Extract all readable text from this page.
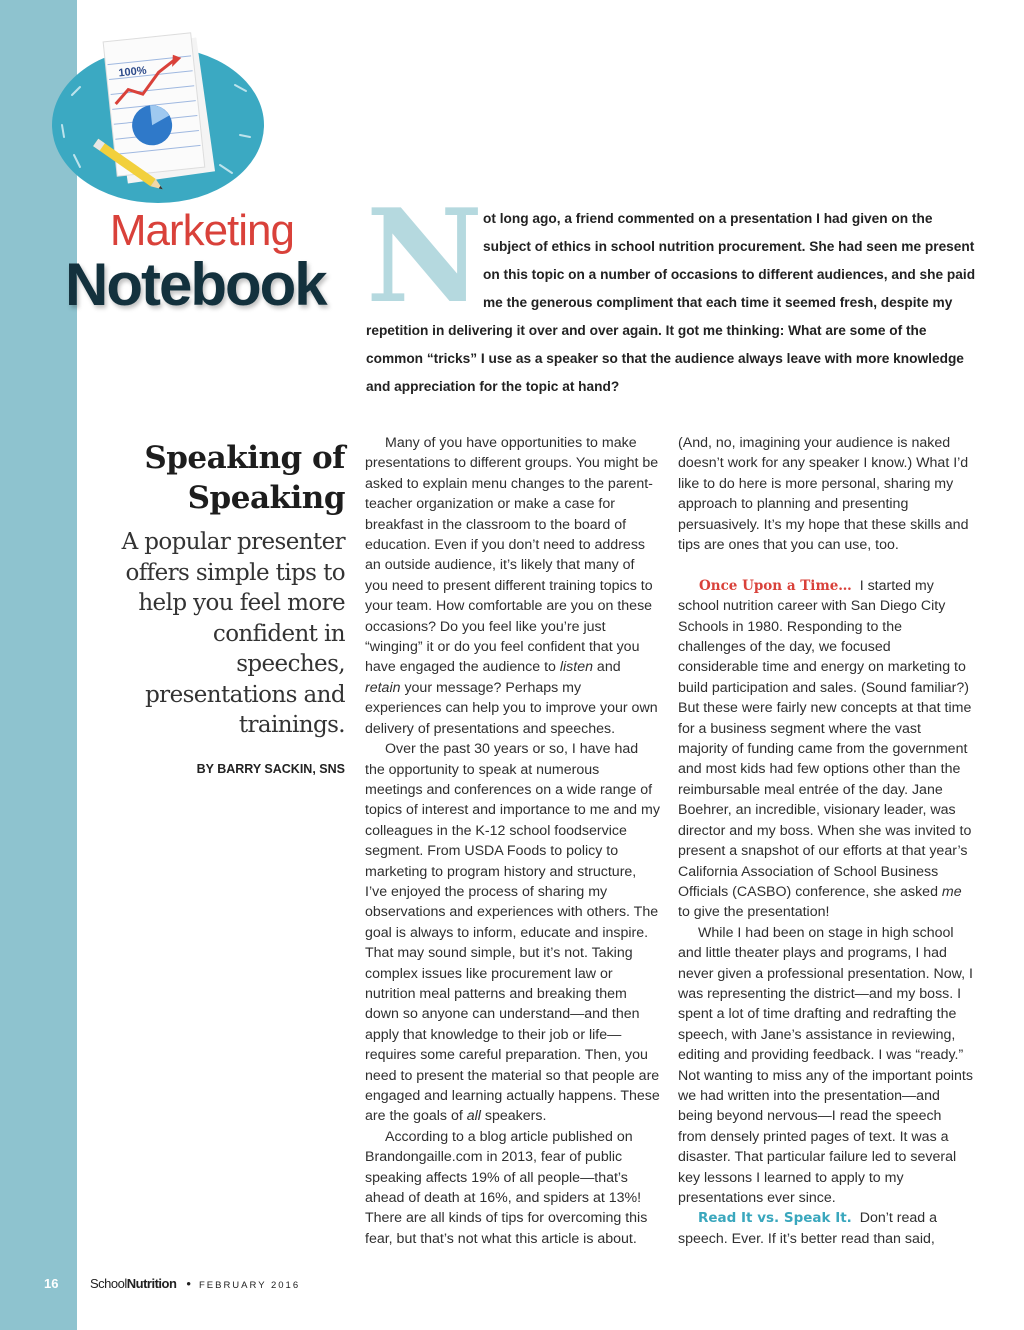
100%
Marketing
Notebook N ot long ago, a friend commented on a presentation I had given on the subject of ethics in school nutrition procurement. She had seen me present on this topic on a number of occasions to different audiences, and she paid me the generous compliment that each time it seemed fresh, despite my repetition in delivering it over and over again. It got me thinking: What are some of the common “tricks” I use as a speaker so that the audience always leave with more knowledge and appreciation for the topic at hand?
Speaking of
Speaking
A popular presenter offers simple tips to help you feel more confident in speeches, presentations and trainings.
BY BARRY SACKIN, SNS

Many of you have opportunities to make presentations to different groups. You might be asked to explain menu changes to the parent-teacher organization or make a case for breakfast in the classroom to the board of education. Even if you don’t need to address an outside audience, it’s likely that many of you need to present different training topics to your team. How comfortable are you on these occasions? Do you feel like you’re just “winging” it or do you feel confident that you have engaged the audience to listen and retain your message? Perhaps my experiences can help you to improve your own delivery of presentations and speeches.

Over the past 30 years or so, I have had the opportunity to speak at numerous meetings and conferences on a wide range of topics of interest and importance to me and my colleagues in the K-12 school foodservice segment. From USDA Foods to policy to marketing to program history and structure, I’ve enjoyed the process of sharing my observations and experiences with others. The goal is always to inform, educate and inspire. That may sound simple, but it’s not. Taking complex issues like procurement law or nutrition meal patterns and breaking them down so anyone can understand—and then apply that knowledge to their job or life—requires some careful preparation. Then, you need to present the material so that people are engaged and learning actually happens. These are the goals of all speakers.

According to a blog article published on Brandongaille.com in 2013, fear of public speaking affects 19% of all people—that’s ahead of death at 16%, and spiders at 13%! There are all kinds of tips for overcoming this fear, but that’s not what this article is about.

(And, no, imagining your audience is naked doesn’t work for any speaker I know.) What I’d like to do here is more personal, sharing my approach to planning and presenting persuasively. It’s my hope that these skills and tips are ones that you can use, too.

Once Upon a Time… I started my school nutrition career with San Diego City Schools in 1980. Responding to the challenges of the day, we focused considerable time and energy on marketing to build participation and sales. (Sound familiar?) But these were fairly new concepts at that time for a business segment where the vast majority of funding came from the government and most kids had few options other than the reimbursable meal entrée of the day. Jane Boehrer, an incredible, visionary leader, was director and my boss. When she was invited to present a snapshot of our efforts at that year’s California Association of School Business Officials (CASBO) conference, she asked me to give the presentation!

While I had been on stage in high school and little theater plays and programs, I had never given a professional presentation. Now, I was representing the district—and my boss. I spent a lot of time drafting and redrafting the speech, with Jane’s assistance in reviewing, editing and providing feedback. I was “ready.” Not wanting to miss any of the important points we had written into the presentation—and being beyond nervous—I read the speech from densely printed pages of text. It was a disaster. That particular failure led to several key lessons I learned to apply to my presentations ever since.

Read It vs. Speak It. Don’t read a speech. Ever. If it’s better read than said,

16 SchoolNutrition • FEBRUARY 2016
